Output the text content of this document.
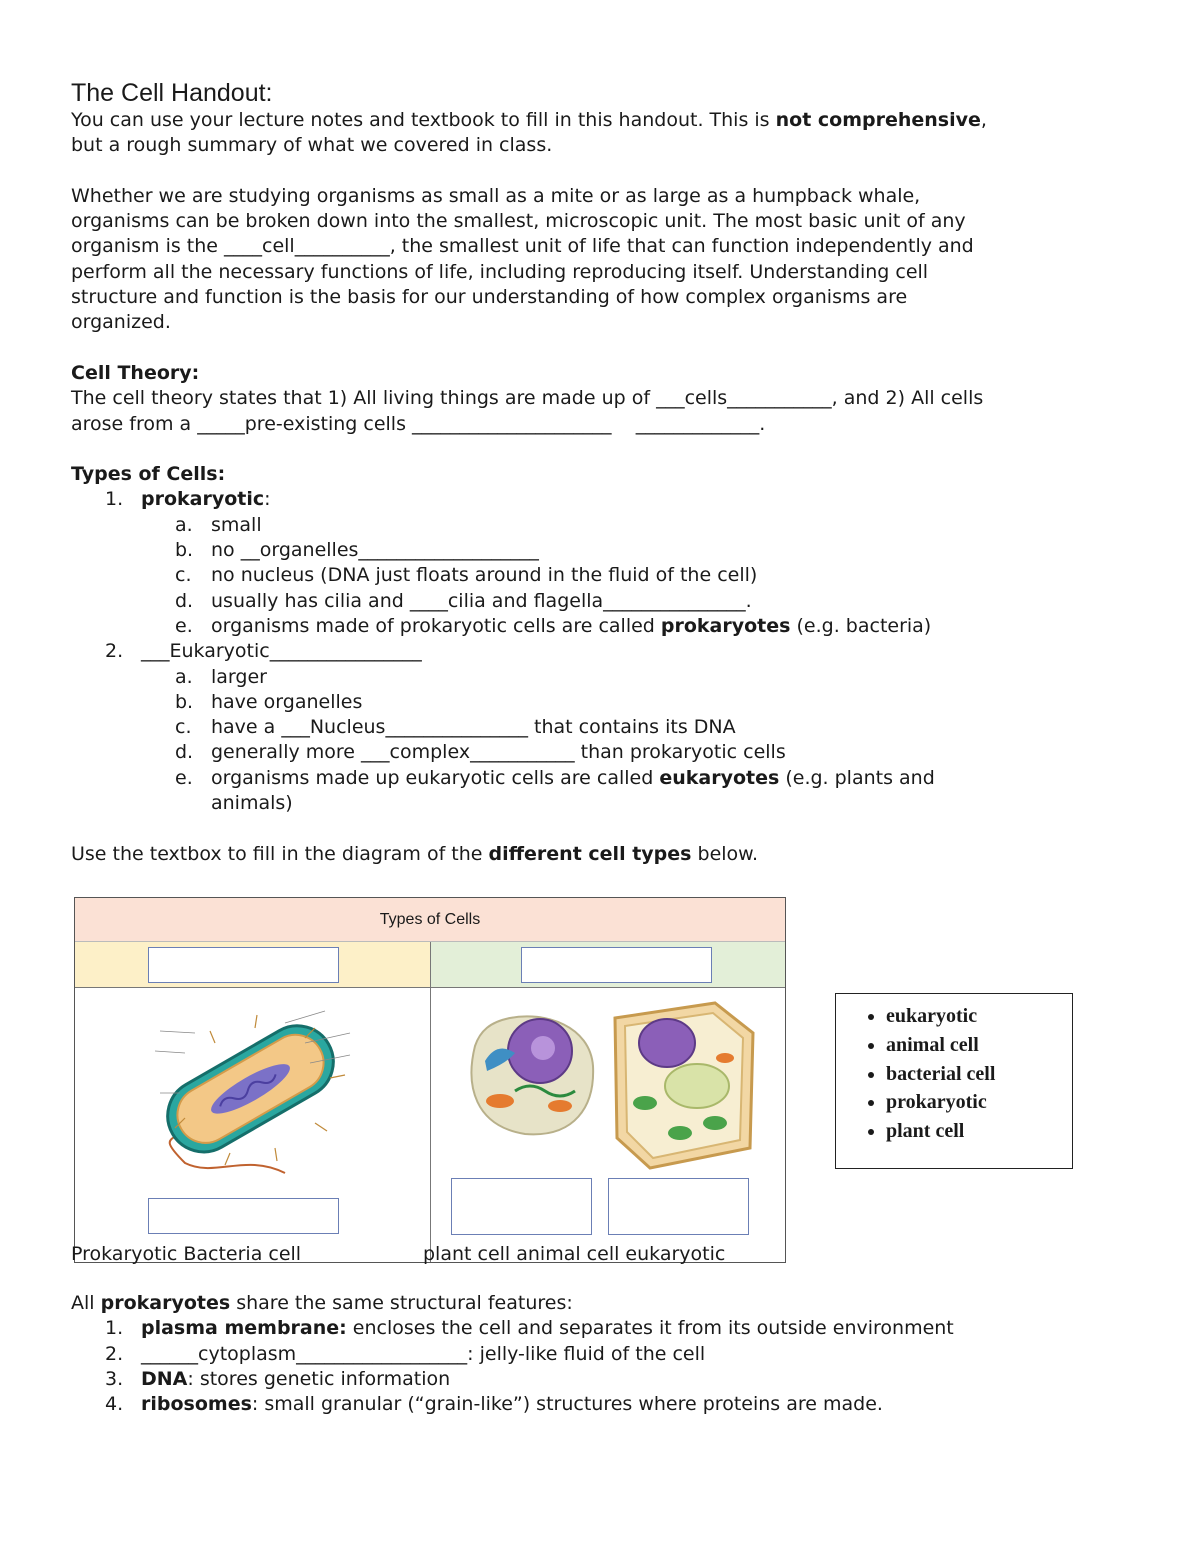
The Cell Handout:
You can use your lecture notes and textbook to fill in this handout. This is not comprehensive,
but a rough summary of what we covered in class.
Whether we are studying organisms as small as a mite or as large as a humpback whale,
organisms can be broken down into the smallest, microscopic unit. The most basic unit of any
organism is the ____cell__________, the smallest unit of life that can function independently and
perform all the necessary functions of life, including reproducing itself. Understanding cell
structure and function is the basis for our understanding of how complex organisms are
organized.
Cell Theory:
The cell theory states that 1) All living things are made up of ___cells___________, and 2) All cells
arose from a _____pre-existing cells _____________________ _____________.
Types of Cells:
1. prokaryotic:
a. small
b. no __organelles___________________
c. no nucleus (DNA just floats around in the fluid of the cell)
d. usually has cilia and ____cilia and flagella_______________.
e. organisms made of prokaryotic cells are called prokaryotes (e.g. bacteria)
2. ___Eukaryotic________________
a. larger
b. have organelles
c. have a ___Nucleus_______________ that contains its DNA
d. generally more ___complex___________ than prokaryotic cells
e. organisms made up eukaryotic cells are called eukaryotes (e.g. plants and
animals)
Use the textbox to fill in the diagram of the different cell types below.
Types of Cells
Prokaryotic Bacteria cell	plant cell animal cell eukaryotic
• eukaryotic
• animal cell
• bacterial cell
• prokaryotic
• plant cell
All prokaryotes share the same structural features:
1. plasma membrane: encloses the cell and separates it from its outside environment
2. ______cytoplasm__________________: jelly-like fluid of the cell
3. DNA: stores genetic information
4. ribosomes: small granular (“grain-like”) structures where proteins are made.
